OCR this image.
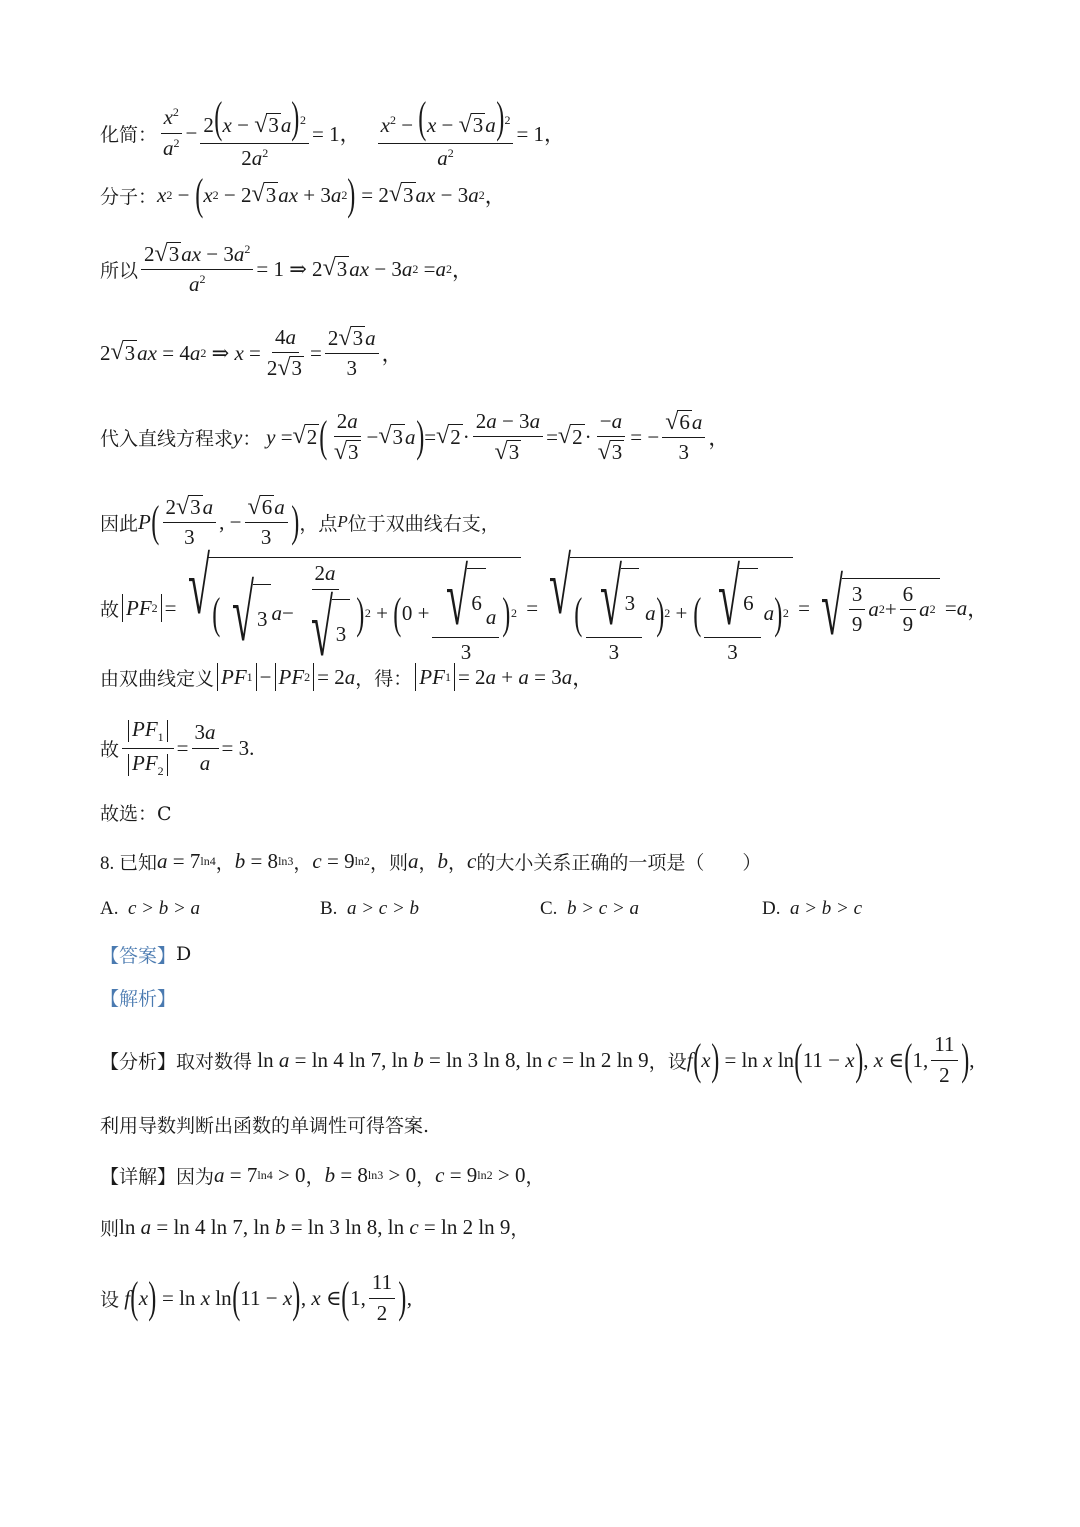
化简： $\frac{x^2}{a^2} - \frac{2(x - √ 3 a)^2}{2a^2} = 1$， $\frac{x^2 - (x - √ 3 a)^2}{a^2} = 1$，
分子： x 2 − ( x 2 − 2 √ 3 ax + 3 a 2 ) = 2 √ 3 ax − 3 a 2 ，
所以 $\frac{2 √ 3 ax - 3a^2}{a^2} = 1$ ⇒ 2 √ 3 ax − 3 a 2 = a 2 ，
2 √ 3 ax = 4 a 2 ⇒ $x = \frac{4a}{2 √ 3} = \frac{2 √ 3 a}{3}$ ，
代入直线方程求 y ： y = √ 2 ( $\frac{2a}{√ 3}$ − √ 3 a ) = √ $2 \cdot \frac{2a - 3a}{√ 3}$ = √ $2 \cdot \frac{-a}{√ 3}$ = − $\frac{√ 6 a}{3}$ ，
因此 P ( $\frac{2 √ 3 a}{3}$ , − $\frac{√ 6 a}{3}$ ) ，点 P 位于双曲线右支，
故 PF 2 = √ ( √ 3 $a - \frac{2a}{√ 3}$ ) 2 + ( 0 + √ 6
a
3 ) 2 = √ ( $\frac{√ 3}{3}$ a ) 2 + ( $\frac{√ 6}{3}$ a ) 2 = √ $\frac{3}{9}$ a $2 + \frac{6}{9}$ a 2 = a ，
由双曲线定义 PF 1 − PF 2 = 2 a ，得： PF 1 = 2 a + a = 3 a ，
故 $\frac{PF_1}{PF_2} = \frac{3a}{a} = 3$.
故选：C
8. 已知 a = 7 ln4 ， b = 8 ln3 ， c = 9 ln2 ，则 a ， b ， c 的大小关系正确的一项是（　　）
A. c > b > a	B. a > c > b	C. b > c > a	D. a > b > c
【答案】 D
【解析】
【分析】 取对数得 ln a = ln 4 ln 7, ln b = ln 3 ln 8, ln c = ln 2 ln 9 ，设 f ( x ) = ln x ln ( 11 − x ) , x ∈ ( 1, $\frac{11}{2}$ ) ,
利用导数判断出函数的单调性可得答案.
【详解】 因为 a = 7 ln4 > 0 ， b = 8 ln3 > 0 ， c = 9 ln2 > 0 ，
则 ln a = ln 4 ln 7, ln b = ln 3 ln 8, ln c = ln 2 ln 9 ，
设 f ( x ) = ln x ln ( 11 − x ) , x ∈ ( 1, $\frac{11}{2}$ ) ,
